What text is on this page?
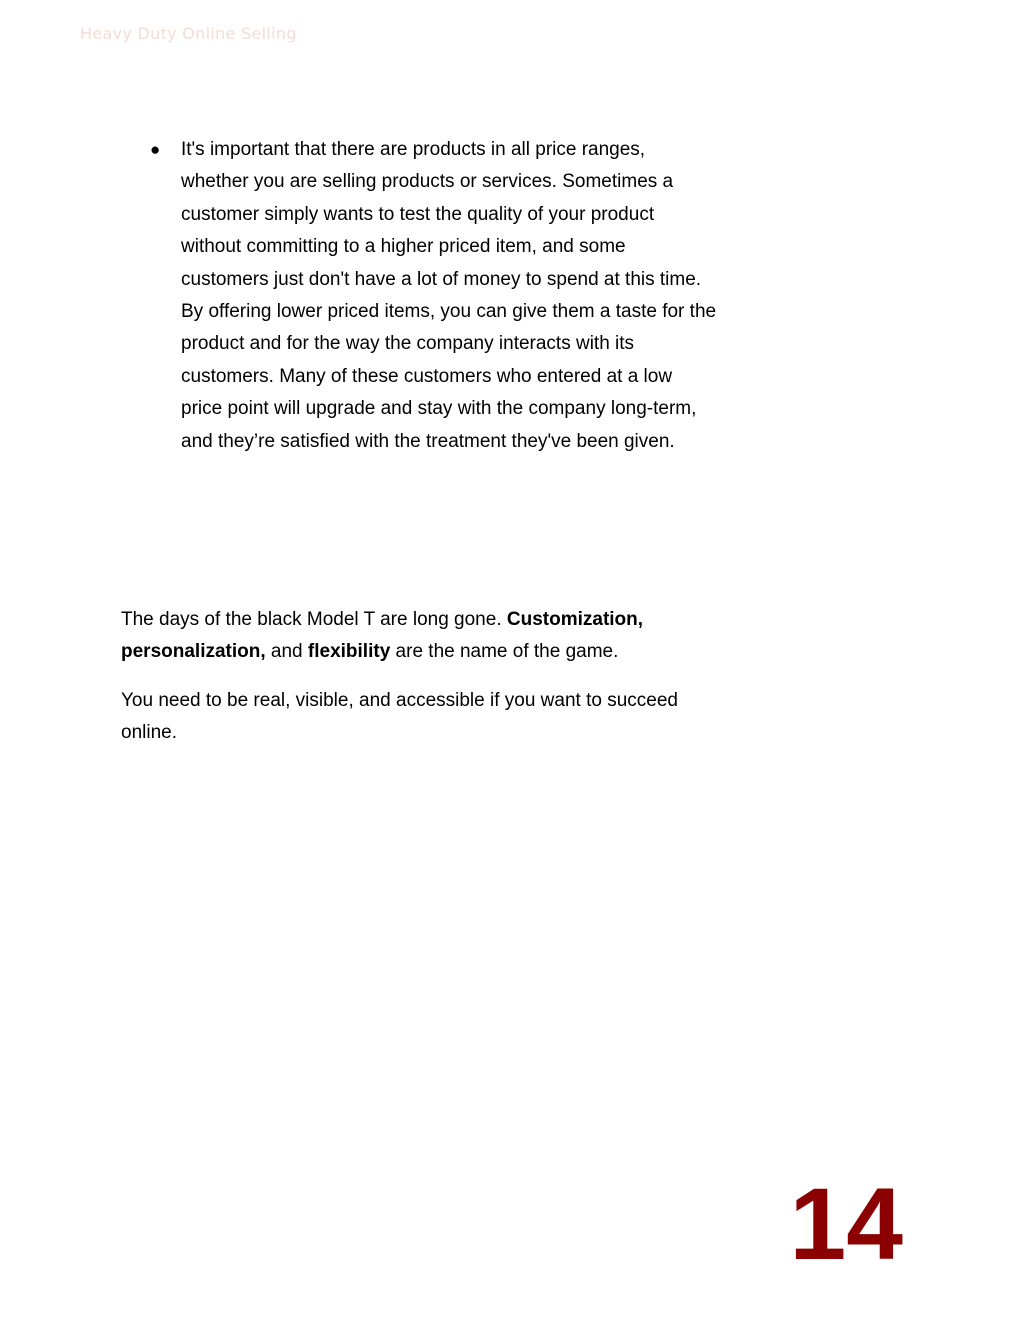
Heavy Duty Online Selling
● It's important that there are products in all price ranges, whether you are selling products or services. Sometimes a customer simply wants to test the quality of your product without committing to a higher priced item, and some customers just don't have a lot of money to spend at this time. By offering lower priced items, you can give them a taste for the product and for the way the company interacts with its customers. Many of these customers who entered at a low price point will upgrade and stay with the company long-term, and they’re satisfied with the treatment they've been given.

The days of the black Model T are long gone. Customization, personalization, and flexibility are the name of the game.

You need to be real, visible, and accessible if you want to succeed online.

14
